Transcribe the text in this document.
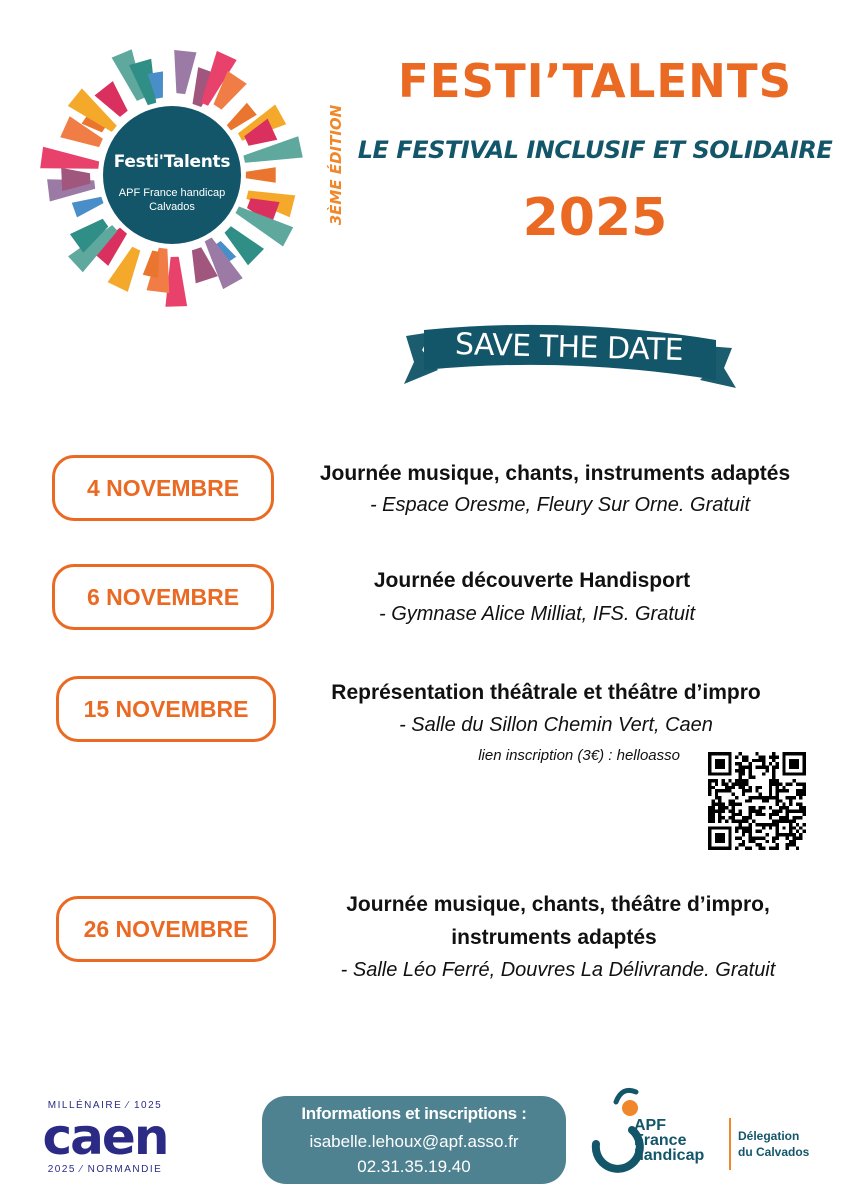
Festi'Talents
APF France handicap
Calvados	3ÈME ÉDITION
FESTI’TALENTS
LE FESTIVAL INCLUSIF ET SOLIDAIRE
2025
SAVE THE DATE
4 NOVEMBRE
Journée musique, chants, instruments adaptés
- Espace Oresme, Fleury Sur Orne. Gratuit
6 NOVEMBRE
Journée découverte Handisport
- Gymnase Alice Milliat, IFS. Gratuit
15 NOVEMBRE
Représentation théâtrale et théâtre d’impro
- Salle du Sillon Chemin Vert, Caen
lien inscription (3€) : helloasso
26 NOVEMBRE
Journée musique, chants, théâtre d’impro,
instruments adaptés
- Salle Léo Ferré, Douvres La Délivrande. Gratuit
MILLÉNAIRE ⁄ 1025
caen
2025 ⁄ NORMANDIE
Informations et inscriptions :
isabelle.lehoux@apf.asso.fr
02.31.35.19.40
APF
France
handicap
Délegation
du Calvados
